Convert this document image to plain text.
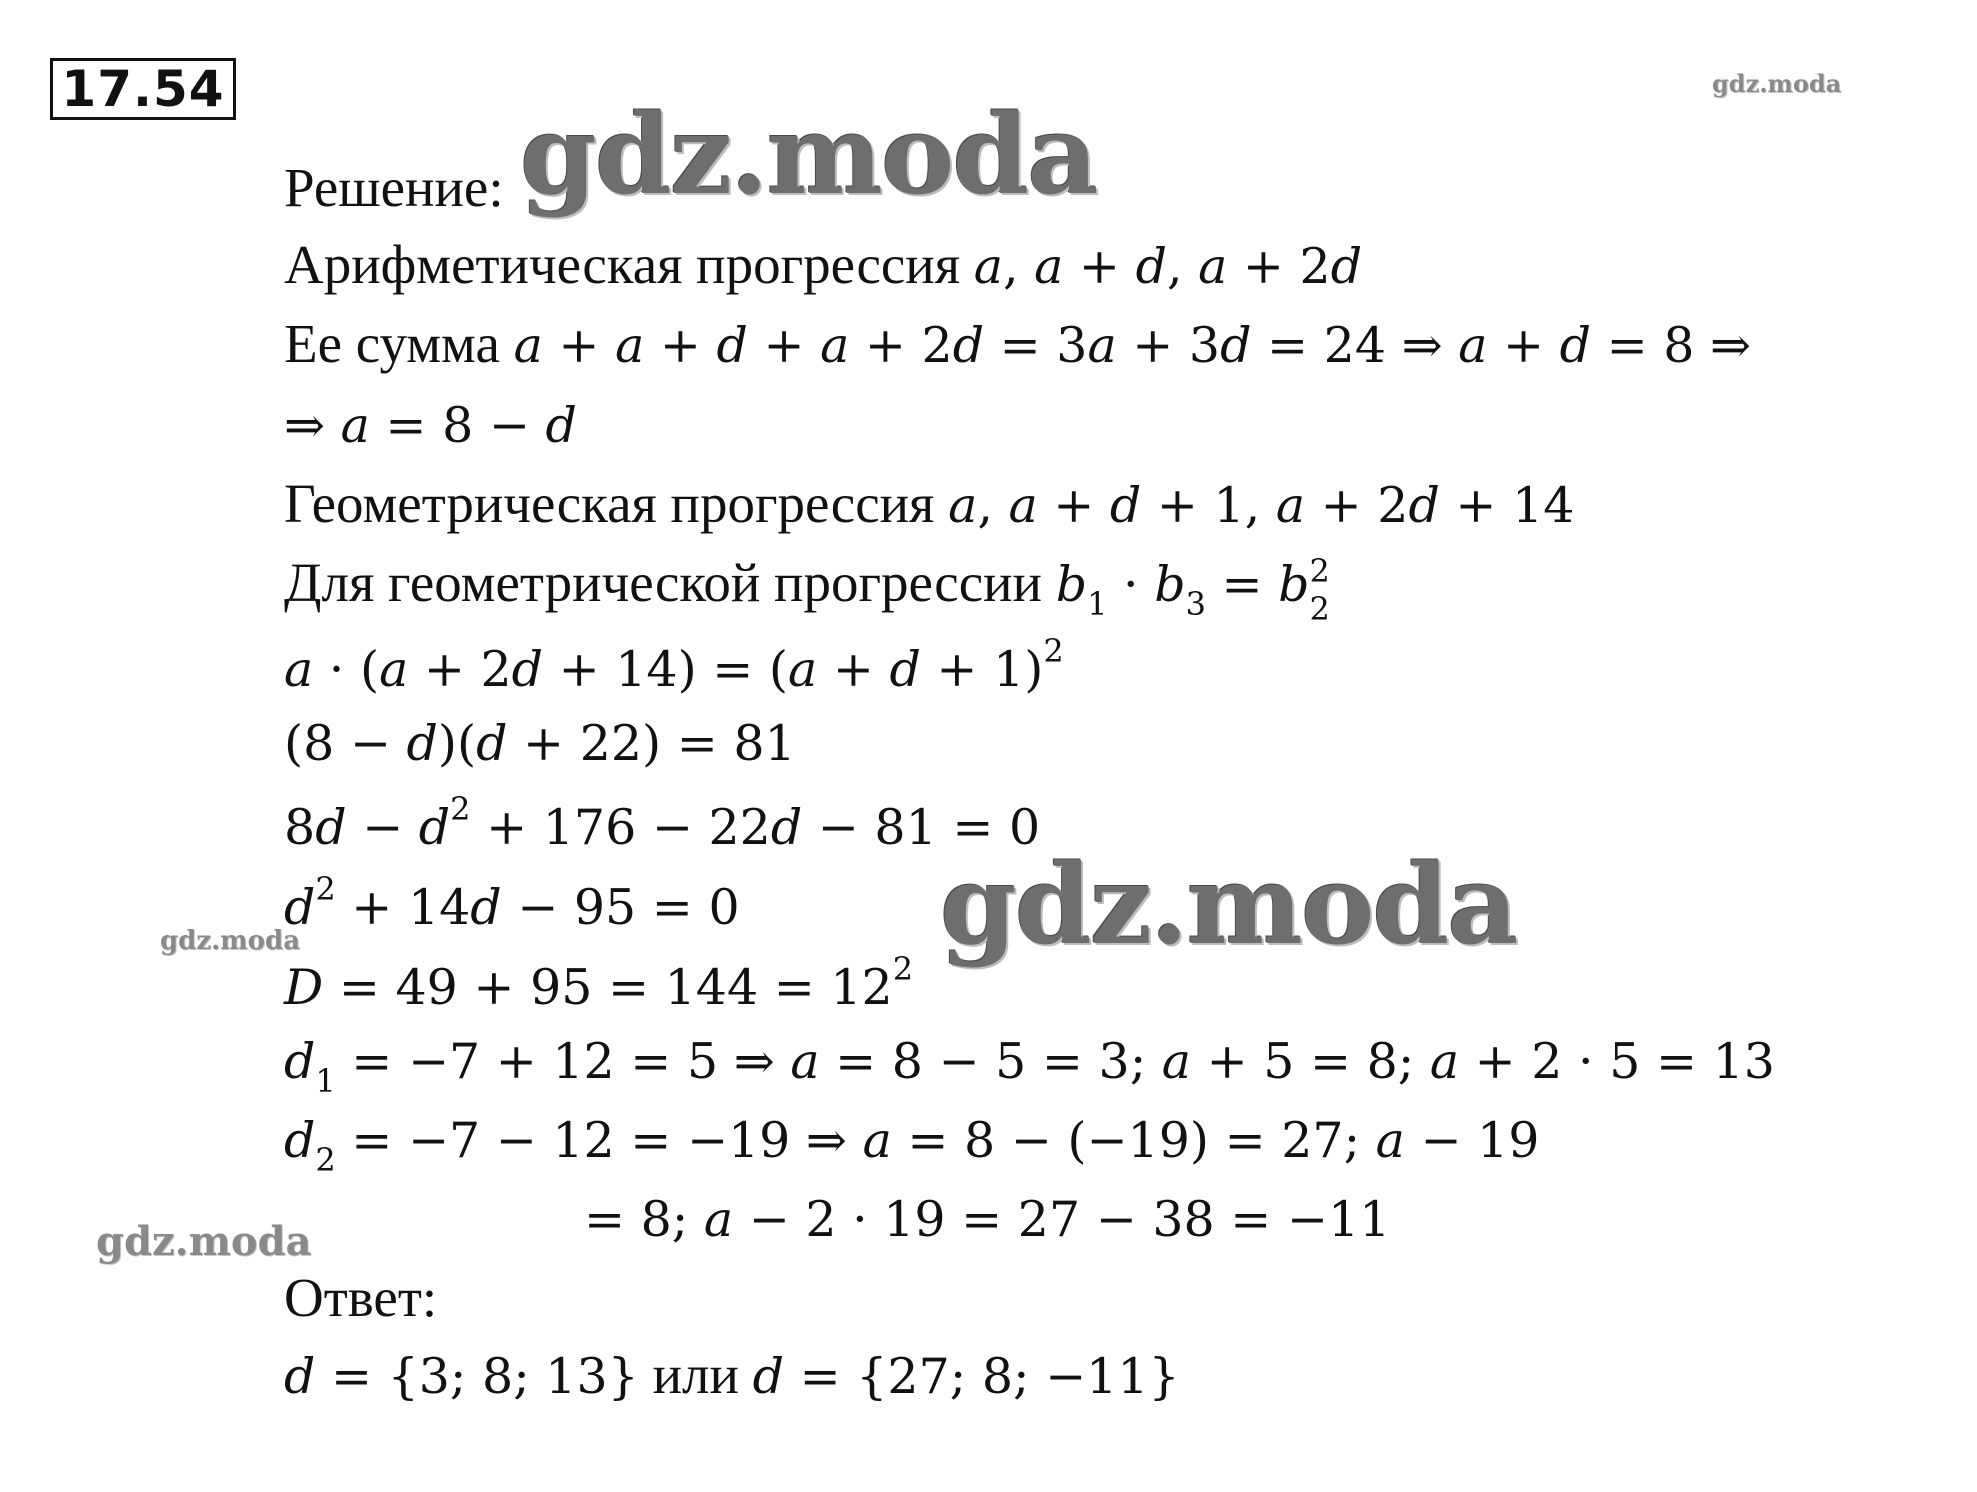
17.54	gdz.moda
gdz.moda
gdz.moda
gdz.moda
gdz.moda
Решение:
Арифметическая прогрессия a, a + d, a + 2d
Ее сумма a + a + d + a + 2d = 3a + 3d = 24 ⇒ a + d = 8 ⇒
⇒ a = 8 − d
Геометрическая прогрессия a, a + d + 1, a + 2d + 14
Для геометрической прогрессии $b_1 \cdot b_3 = b$ 2
2
$a \cdot (a + 2d + 14) = (a + d + 1)^2$
(8 − d)(d + 22) = 81
$8d - d^2 + 176 - 22d - 81 = 0$
$d^2 + 14d - 95 = 0$
$D = 49 + 95 = 144 = 12^2$
$d_1 = -7 + 12 = 5$ ⇒ a = 8 − 5 = 3; a + 5 = 8; a + 2 · 5 = 13
$d_2 = -7 - 12 = -19$ ⇒ a = 8 − (−19) = 27; a − 19
= 8; a − 2 · 19 = 27 − 38 = −11
Ответ:
d = {3; 8; 13} или d = {27; 8; −11}
